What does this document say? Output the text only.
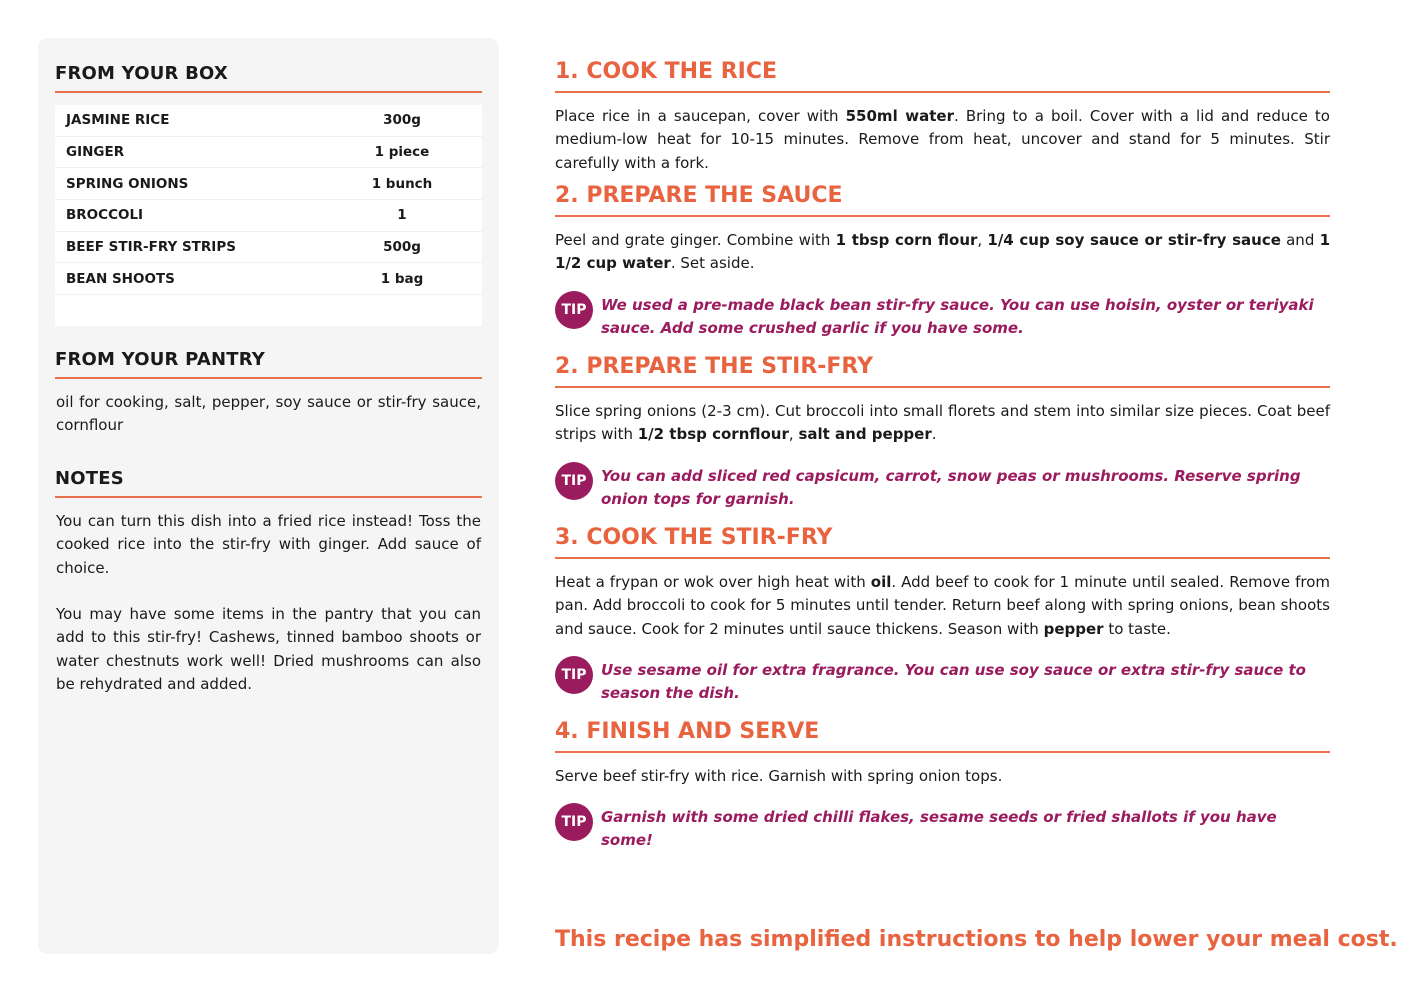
FROM YOUR BOX
JASMINE RICE	300g
GINGER	1 piece
SPRING ONIONS	1 bunch
BROCCOLI	1
BEEF STIR-FRY STRIPS	500g
BEAN SHOOTS	1 bag
FROM YOUR PANTRY
oil for cooking, salt, pepper, soy sauce or stir-fry sauce, cornflour
NOTES

You can turn this dish into a fried rice instead! Toss the cooked rice into the stir-fry with ginger. Add sauce of choice.

You may have some items in the pantry that you can add to this stir-fry! Cashews, tinned bamboo shoots or water chestnuts work well! Dried mushrooms can also be rehydrated and added.

1. COOK THE RICE
Place rice in a saucepan, cover with 550ml water. Bring to a boil. Cover with a lid and reduce to medium-low heat for 10-15 minutes. Remove from heat, uncover and stand for 5 minutes. Stir carefully with a fork.
2. PREPARE THE SAUCE
Peel and grate ginger. Combine with 1 tbsp corn flour, 1/4 cup soy sauce or stir-fry sauce and 1 1/2 cup water. Set aside.
TIP We used a pre-made black bean stir-fry sauce. You can use hoisin, oyster or teriyaki sauce. Add some crushed garlic if you have some.
2. PREPARE THE STIR-FRY
Slice spring onions (2-3 cm). Cut broccoli into small florets and stem into similar size pieces. Coat beef strips with 1/2 tbsp cornflour, salt and pepper.
TIP You can add sliced red capsicum, carrot, snow peas or mushrooms. Reserve spring onion tops for garnish.
3. COOK THE STIR-FRY
Heat a frypan or wok over high heat with oil. Add beef to cook for 1 minute until sealed. Remove from pan. Add broccoli to cook for 5 minutes until tender. Return beef along with spring onions, bean shoots and sauce. Cook for 2 minutes until sauce thickens. Season with pepper to taste.
TIP Use sesame oil for extra fragrance. You can use soy sauce or extra stir-fry sauce to season the dish.
4. FINISH AND SERVE
Serve beef stir-fry with rice. Garnish with spring onion tops.
TIP Garnish with some dried chilli flakes, sesame seeds or fried shallots if you have some!
This recipe has simplified instructions to help lower your meal cost.
